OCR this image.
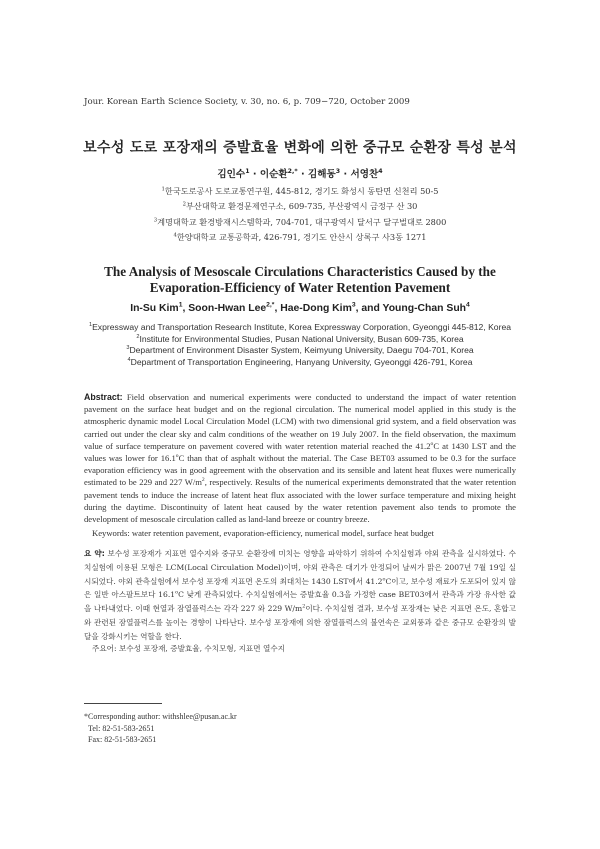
Jour. Korean Earth Science Society, v. 30, no. 6, p. 709−720, October 2009
보수성 도로 포장재의 증발효율 변화에 의한 중규모 순환장 특성 분석
김인수$^1$ · 이순환$^{2,*}$ · 김해동$^3$ · 서영찬$^4$
$^1$한국도로공사 도로교통연구원, 445-812, 경기도 화성시 동탄면 신천리 50-5
$^2$부산대학교 환경문제연구소, 609-735, 부산광역시 금정구 산 30
$^3$계명대학교 환경방재시스템학과, 704-701, 대구광역시 달서구 달구벌대로 2800
$^4$한양대학교 교통공학과, 426-791, 경기도 안산시 상록구 사3동 1271
The Analysis of Mesoscale Circulations Characteristics Caused by the
Evaporation-Efficiency of Water Retention Pavement
In-Su Kim$^1$, Soon-Hwan Lee$^{2,*}$, Hae-Dong Kim$^3$, and Young-Chan Suh$^4$
$^1$Expressway and Transportation Research Institute, Korea Expressway Corporation, Gyeonggi 445-812, Korea
$^2$Institute for Environmental Studies, Pusan National University, Busan 609-735, Korea
$^3$Department of Environment Disaster System, Keimyung University, Daegu 704-701, Korea
$^4$Department of Transportation Engineering, Hanyang University, Gyeonggi 426-791, Korea
Abstract: Field observation and numerical experiments were conducted to understand the impact of water retention pavement on the surface heat budget and on the regional circulation. The numerical model applied in this study is the atmospheric dynamic model Local Circulation Model (LCM) with two dimensional grid system, and a field observation was carried out under the clear sky and calm conditions of the weather on 19 July 2007. In the field observation, the maximum value of surface temperature on pavement covered with water retention material reached the 41.2$^o$C at 1430 LST and the values was lower for 16.1$^o$C than that of asphalt without the material. The Case BET03 assumed to be 0.3 for the surface evaporation efficiency was in good agreement with the observation and its sensible and latent heat fluxes were numerically estimated to be 229 and 227 $W/m^2$, respectively. Results of the numerical experiments demonstrated that the water retention pavement tends to induce the increase of latent heat flux associated with the lower surface temperature and mixing height during the daytime. Discontinuity of latent heat caused by the water retention pavement also tends to promote the development of mesoscale circulation called as land-land breeze or country breeze.
Keywords: water retention pavement, evaporation-efficiency, numerical model, surface heat budget
요 약: 보수성 포장재가 지표면 열수지와 중규모 순환장에 미치는 영향을 파악하기 위하여 수치실험과 야외 관측을 실시하였다. 수치실험에 이용된 모형은 LCM(Local Circulation Model)이며, 야외 관측은 대기가 안정되어 날씨가 맑은 2007년 7월 19일 실시되었다. 야외 관측실험에서 보수성 포장재 지표면 온도의 최대치는 1430 LST에서 41.2$^o$C이고, 보수성 재료가 도포되어 있지 않은 일반 아스팔트보다 16.1$^o$C 낮게 관측되었다. 수치실험에서는 증발효율 0.3을 가정한 case BET03에서 관측과 가장 유사한 값을 나타내었다. 이때 현열과 잠열플럭스는 각각 227 와 229 $W/m^2$이다. 수치실험 결과, 보수성 포장재는 낮은 지표면 온도, 혼합고와 관련된 잠열플럭스를 높이는 경향이 나타난다. 보수성 포장재에 의한 잠열플럭스의 불연속은 교외풍과 같은 중규모 순환장의 발달을 강화시키는 역할을 한다.
주요어: 보수성 포장재, 증발효율, 수치모형, 지표면 열수지
*Corresponding author: withshlee@pusan.ac.kr
Tel: 82-51-583-2651
Fax: 82-51-583-2651
